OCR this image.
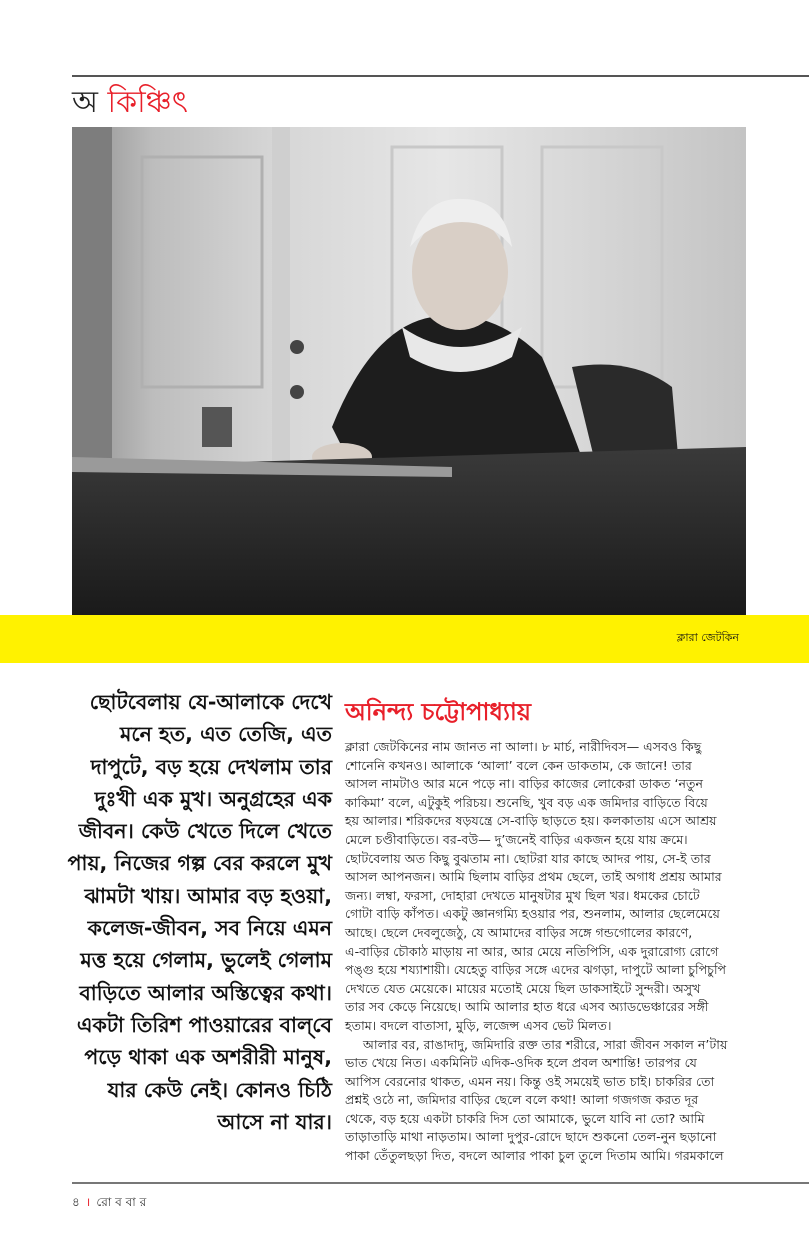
অ কিঞ্চিৎ
ক্লারা জেটকিন
ছোটবেলায় যে-আলাকে দেখে মনে হত, এত তেজি, এত দাপুটে, বড় হয়ে দেখলাম তার দুঃখী এক মুখ। অনুগ্রহের এক জীবন। কেউ খেতে দিলে খেতে পায়, নিজের গল্প বের করলে মুখ ঝামটা খায়। আমার বড় হওয়া, কলেজ-জীবন, সব নিয়ে এমন মত্ত হয়ে গেলাম, ভুলেই গেলাম বাড়িতে আলার অস্তিত্বের কথা। একটা তিরিশ পাওয়ারের বাল্‌বে পড়ে থাকা এক অশরীরী মানুষ, যার কেউ নেই। কোনও চিঠি আসে না যার।
অনিন্দ্য চট্টোপাধ্যায়
ক্লারা জেটকিনের নাম জানত না আলা। ৮ মার্চ, নারীদিবস— এসবও কিছু
শোনেনি কখনও। আলাকে ‘আলা’ বলে কেন ডাকতাম, কে জানে! তার
আসল নামটাও আর মনে পড়ে না। বাড়ির কাজের লোকেরা ডাকত ‘নতুন
কাকিমা’ বলে, এটুকুই পরিচয়। শুনেছি, খুব বড় এক জমিদার বাড়িতে বিয়ে
হয় আলার। শরিকদের ষড়যন্ত্রে সে-বাড়ি ছাড়তে হয়। কলকাতায় এসে আশ্রয়
মেলে চণ্ডীবাড়িতে। বর-বউ— দু’জনেই বাড়ির একজন হয়ে যায় ক্রমে।
ছোটবেলায় অত কিছু বুঝতাম না। ছোটরা যার কাছে আদর পায়, সে-ই তার
আসল আপনজন। আমি ছিলাম বাড়ির প্রথম ছেলে, তাই অগাধ প্রশ্রয় আমার
জন্য। লম্বা, ফরসা, দোহারা দেখতে মানুষটার মুখ ছিল খর। ধমকের চোটে
গোটা বাড়ি কাঁপত। একটু জ্ঞানগম্যি হওয়ার পর, শুনলাম, আলার ছেলেমেয়ে
আছে। ছেলে দেবলুজেঠু, যে আমাদের বাড়ির সঙ্গে গন্ডগোলের কারণে,
এ-বাড়ির চৌকাঠ মাড়ায় না আর, আর মেয়ে নতিপিসি, এক দুরারোগ্য রোগে
পঙ্গু হয়ে শয্যাশায়ী। যেহেতু বাড়ির সঙ্গে এদের ঝগড়া, দাপুটে আলা চুপিচুপি
দেখতে যেত মেয়েকে। মায়ের মতোই মেয়ে ছিল ডাকসাইটে সুন্দরী। অসুখ
তার সব কেড়ে নিয়েছে। আমি আলার হাত ধরে এসব অ্যাডভেঞ্চারের সঙ্গী
হতাম। বদলে বাতাসা, মুড়ি, লজেন্স এসব ভেট মিলত।
আলার বর, রাঙাদাদু, জমিদারি রক্ত তার শরীরে, সারা জীবন সকাল ন’টায়
ভাত খেয়ে নিত। একমিনিট এদিক-ওদিক হলে প্রবল অশান্তি! তারপর যে
আপিস বেরনোর থাকত, এমন নয়। কিন্তু ওই সময়েই ভাত চাই। চাকরির তো
প্রশ্নই ওঠে না, জমিদার বাড়ির ছেলে বলে কথা! আলা গজগজ করত দূর
থেকে, বড় হয়ে একটা চাকরি দিস তো আমাকে, ভুলে যাবি না তো? আমি
তাড়াতাড়ি মাথা নাড়তাম। আলা দুপুর-রোদে ছাদে শুকনো তেল-নুন ছড়ানো
পাকা তেঁতুলছড়া দিত, বদলে আলার পাকা চুল তুলে দিতাম আমি। গরমকালে
৪ । রো ব বা র
